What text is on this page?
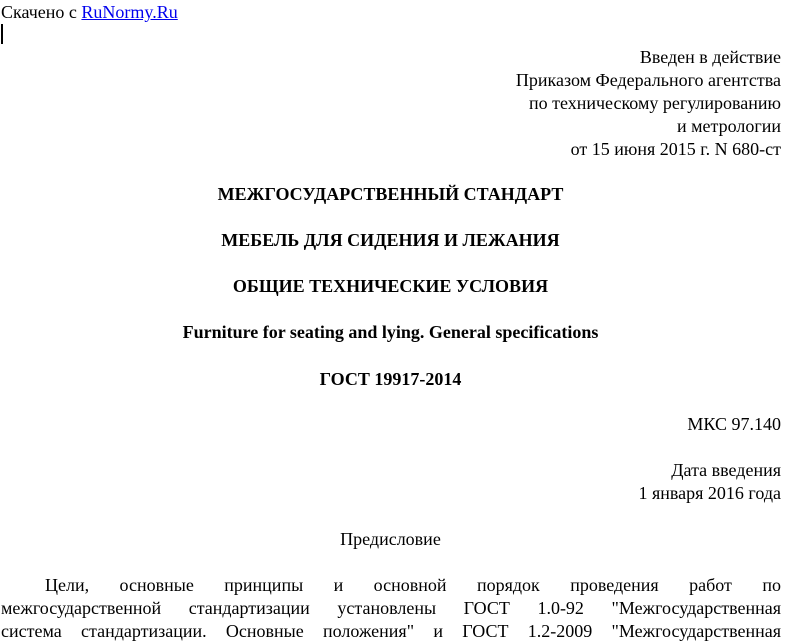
Скачено с RuNormy.Ru
Введен в действие
Приказом Федерального агентства
по техническому регулированию
и метрологии
от 15 июня 2015 г. N 680-ст
МЕЖГОСУДАРСТВЕННЫЙ СТАНДАРТ
МЕБЕЛЬ ДЛЯ СИДЕНИЯ И ЛЕЖАНИЯ
ОБЩИЕ ТЕХНИЧЕСКИЕ УСЛОВИЯ
Furniture for seating and lying. General specifications
ГОСТ 19917-2014
МКС 97.140
Дата введения
1 января 2016 года
Предисловие
Цели, основные принципы и основной порядок проведения работ по
межгосударственной стандартизации установлены ГОСТ 1.0-92 "Межгосударственная
система стандартизации. Основные положения" и ГОСТ 1.2-2009 "Межгосударственная
